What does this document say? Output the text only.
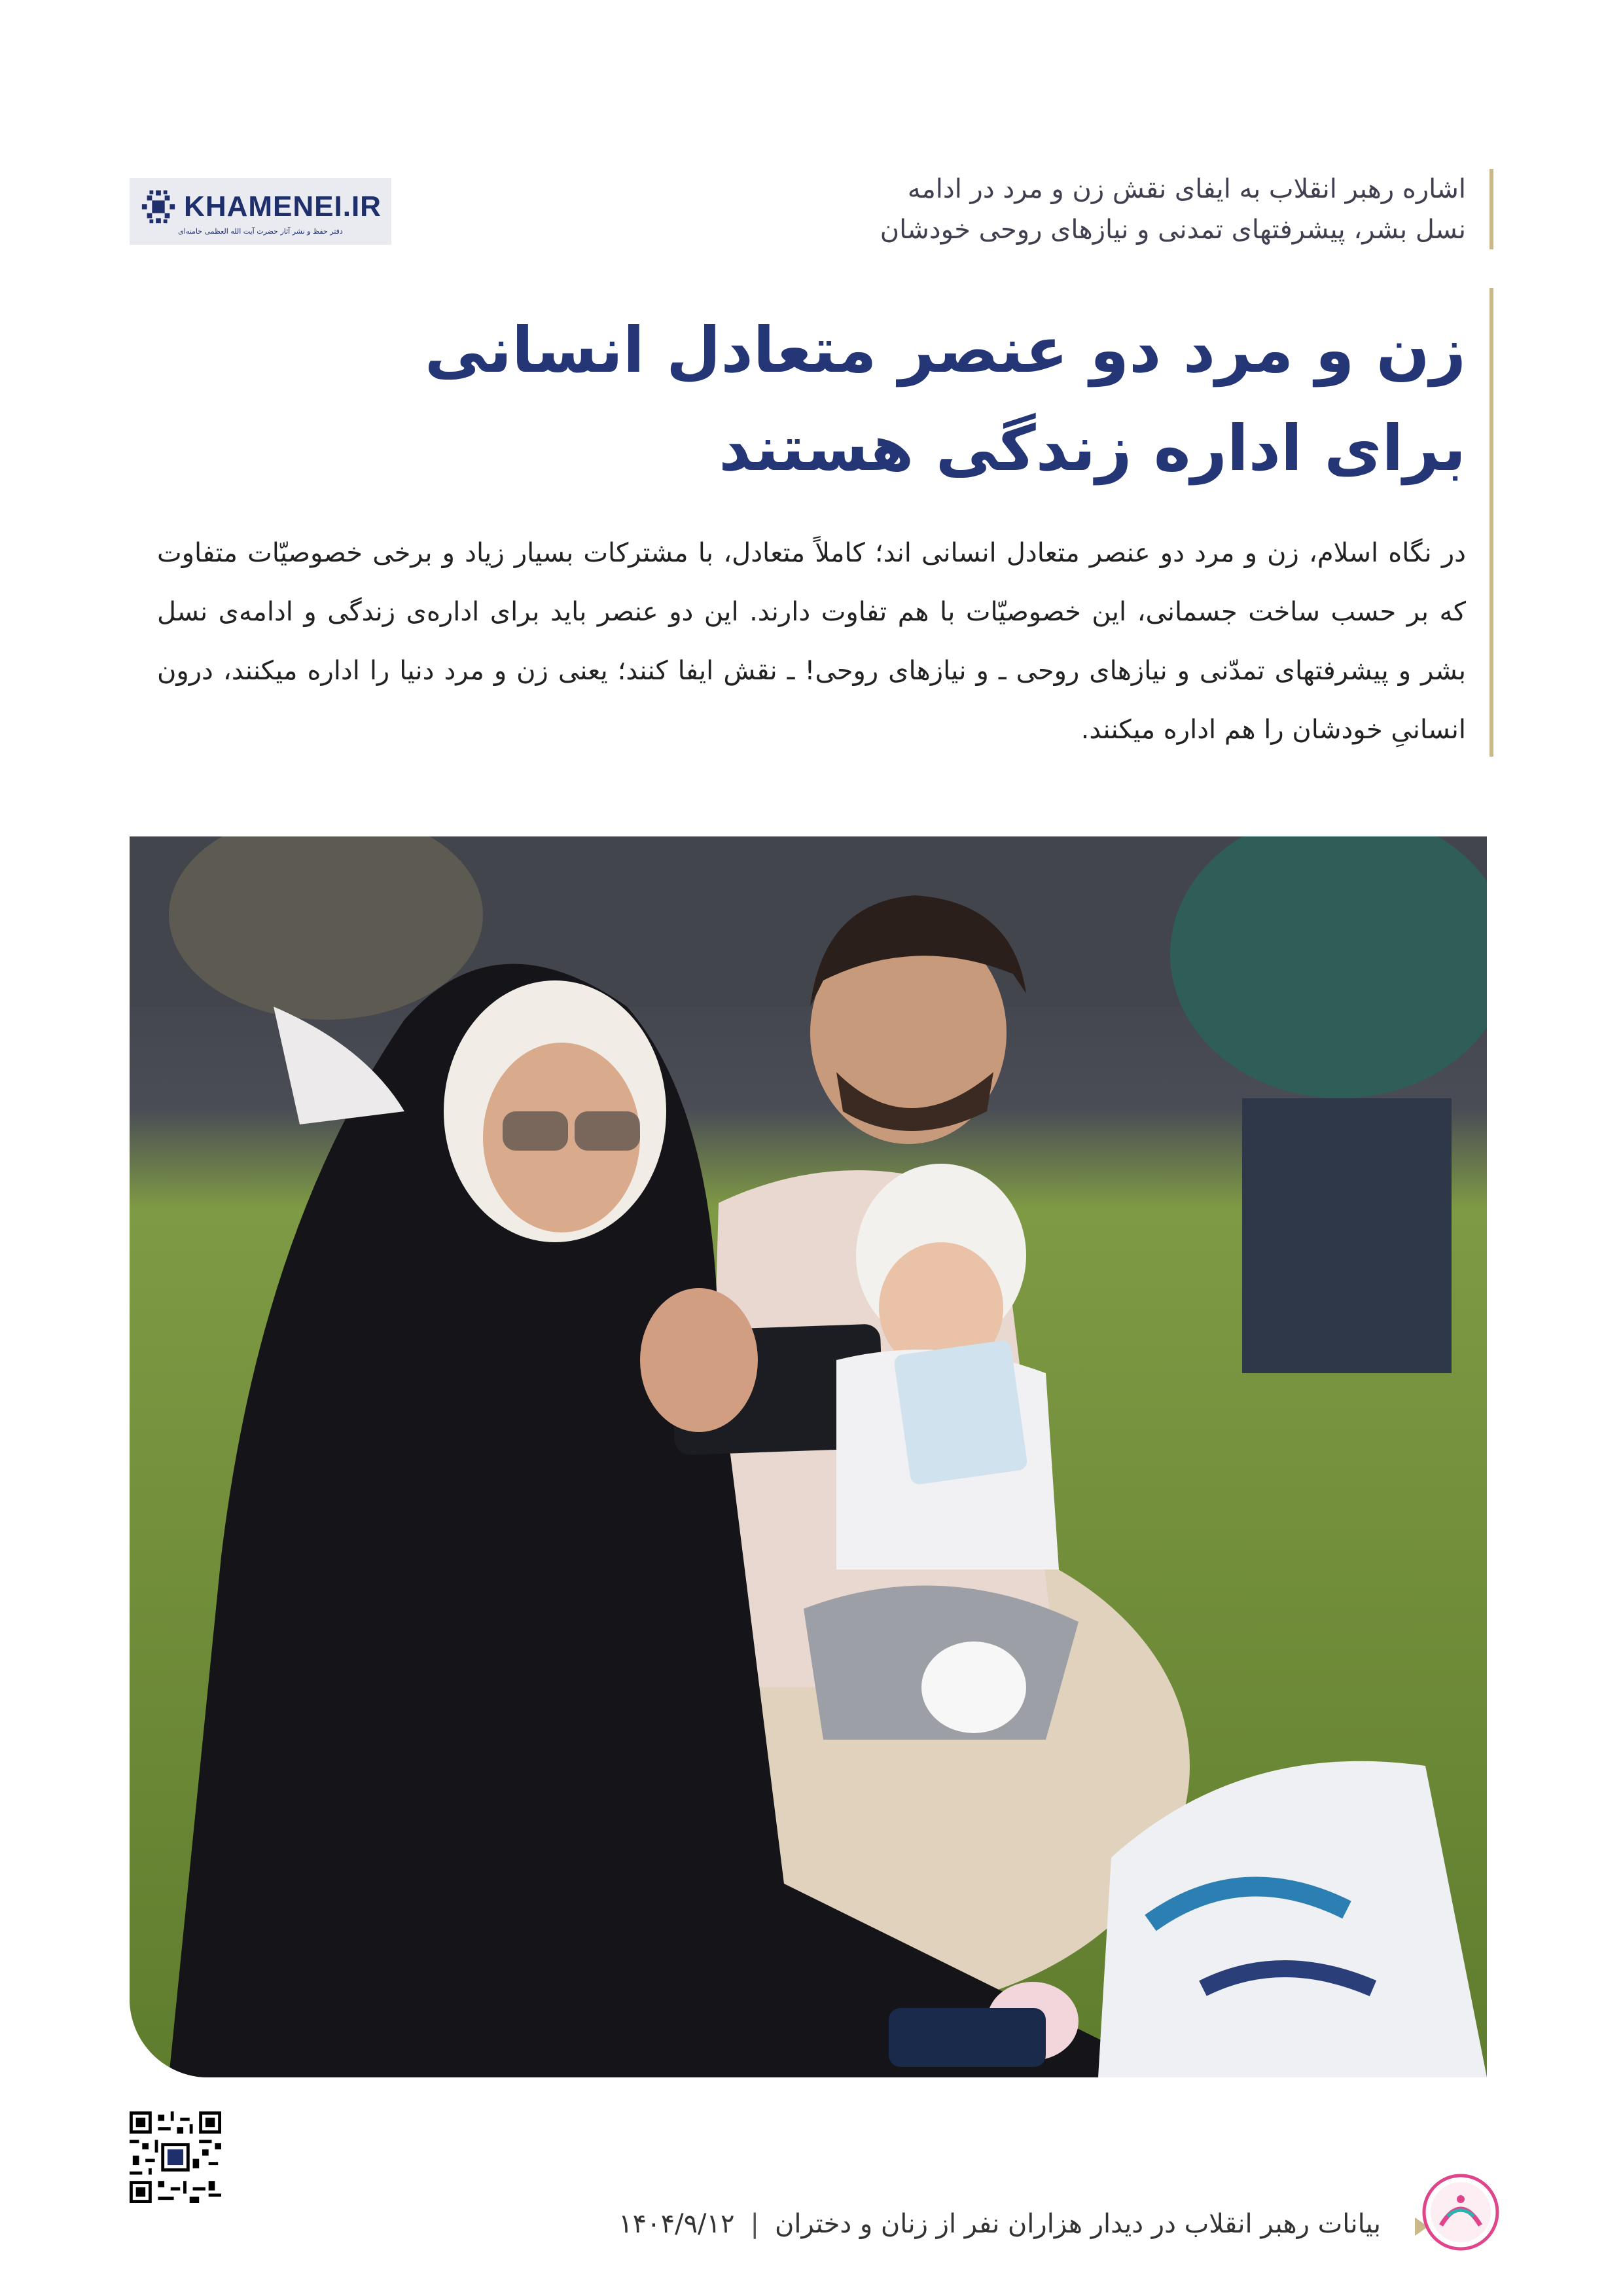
KHAMENEI.IR
دفتر حفظ و نشر آثار حضرت آیت الله العظمی خامنه‌ای
اشاره رهبر انقلاب به ایفای نقش زن و مرد در ادامه
نسل بشر، پیشرفتهای تمدنی و نیازهای روحی خودشان
زن و مرد دو عنصر متعادل انسانی
برای اداره زندگی هستند
در نگاه اسلام، زن و مرد دو عنصر متعادل انسانی اند؛ کاملاً متعادل، با مشترکات بسیار زیاد و برخی خصوصیّات متفاوت که بر حسب ساخت جسمانی، این خصوصیّات با هم تفاوت دارند. این دو عنصر باید برای اداره‌ی زندگی و ادامه‌ی نسل بشر و پیشرفتهای تمدّنی و نیازهای روحی ـ و نیازهای روحی! ـ نقش ایفا کنند؛ یعنی زن و مرد دنیا را اداره میکنند، درون انسانیِ خودشان را هم اداره میکنند.
بیانات رهبر انقلاب در دیدار هزاران نفر از زنان و دختران
|
۱۴۰۴/۹/۱۲
